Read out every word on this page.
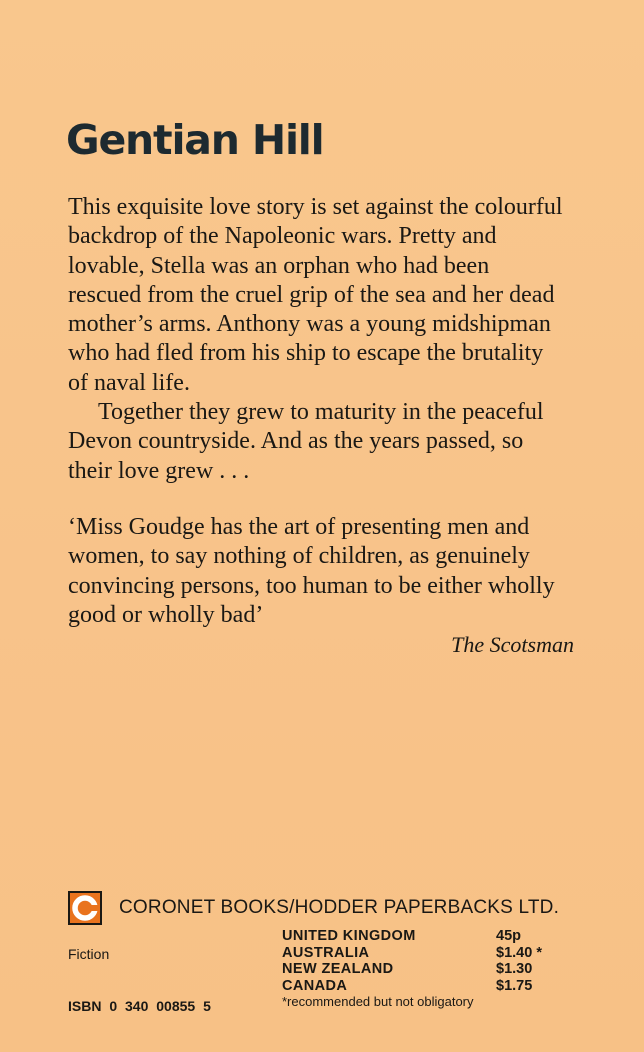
Gentian Hill

This exquisite love story is set against the colourful backdrop of the Napoleonic wars. Pretty and lovable, Stella was an orphan who had been rescued from the cruel grip of the sea and her dead mother’s arms. Anthony was a young midshipman who had fled from his ship to escape the brutality of naval life.

Together they grew to maturity in the peaceful Devon countryside. And as the years passed, so their love grew . . .

‘Miss Goudge has the art of presenting men and women, to say nothing of children, as genuinely convincing persons, too human to be either wholly good or wholly bad’

The Scotsman
CORONET BOOKS/HODDER PAPERBACKS LTD.
Fiction
ISBN 0 340 00855 5
UNITED KINGDOM	45p
AUSTRALIA	$1.40 *
NEW ZEALAND	$1.30
CANADA	$1.75
*recommended but not obligatory
